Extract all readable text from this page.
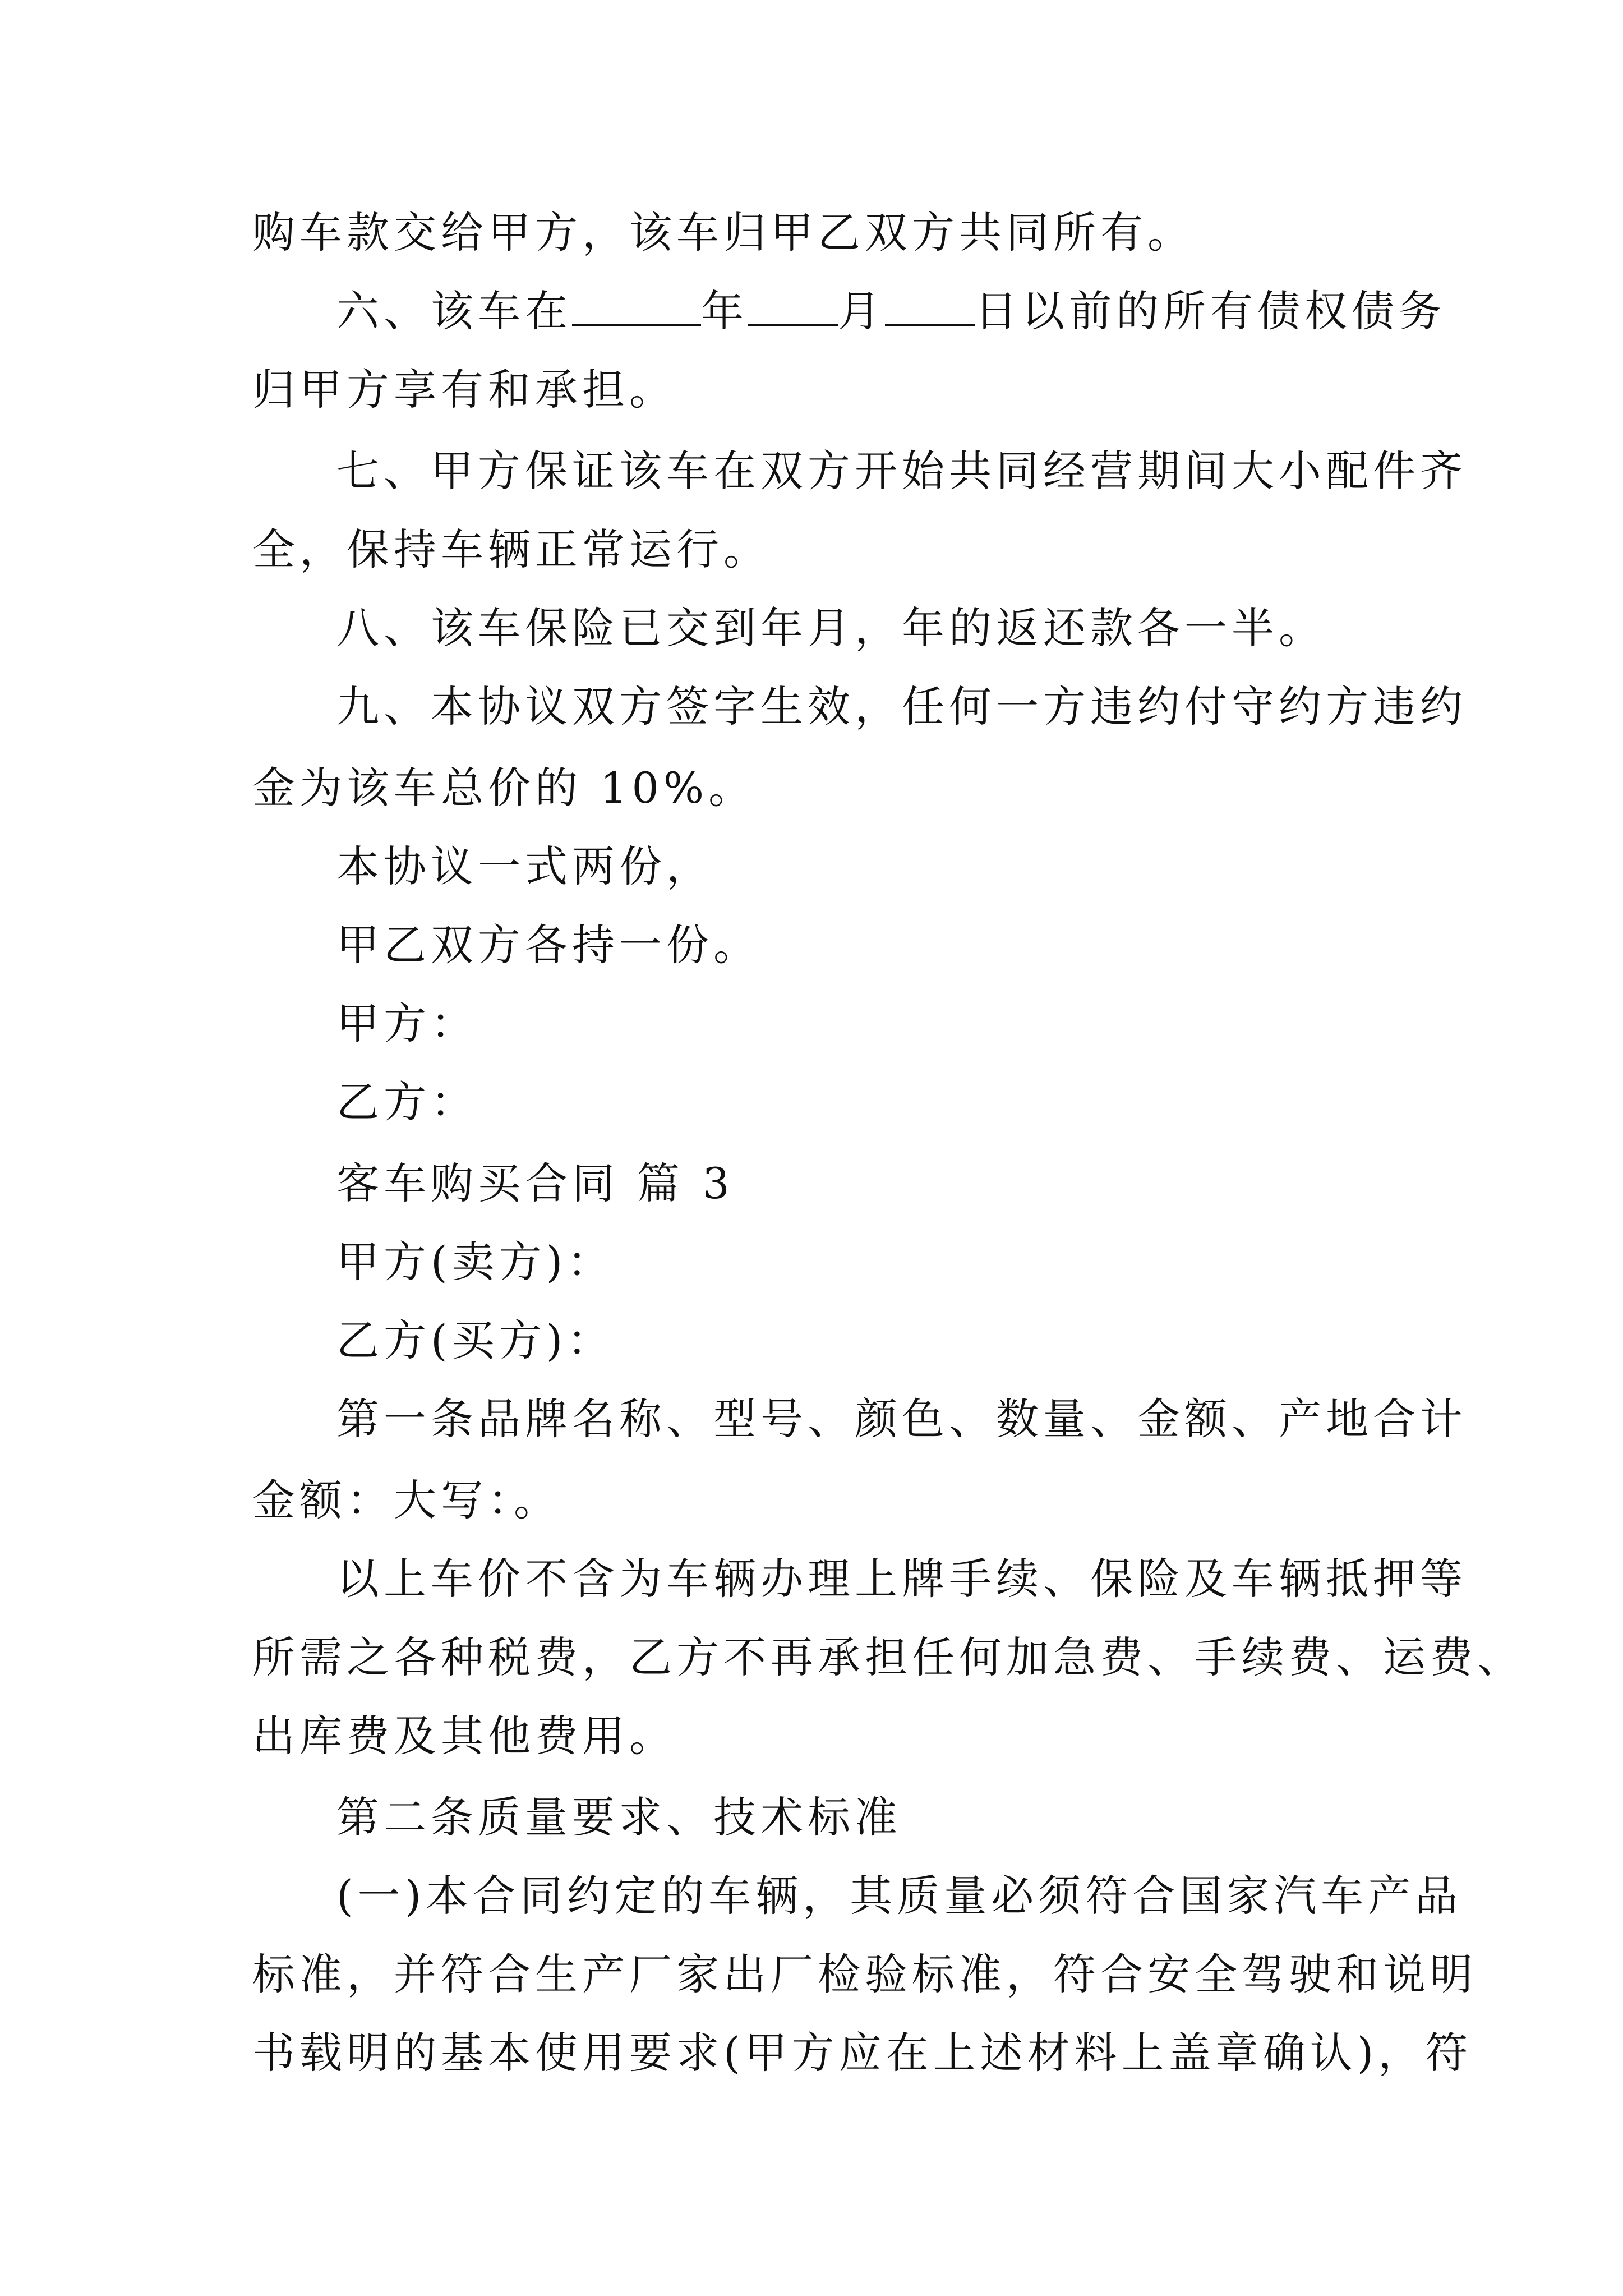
购车款交给甲方，该车归甲乙双方共同所有。
六、该车在	年 月 日以前的所有债权债务
归甲方享有和承担。
七、甲方保证该车在双方开始共同经营期间大小配件齐
全，保持车辆正常运行。
八、该车保险已交到年月，年的返还款各一半。
九、本协议双方签字生效，任何一方违约付守约方违约
金为该车总价的 10%。
本协议一式两份，
甲乙双方各持一份。
甲方：
乙方：
客车购买合同 篇 3
甲方(卖方)：
乙方(买方)：
第一条品牌名称、型号、颜色、数量、金额、产地合计
金额：大写：。
以上车价不含为车辆办理上牌手续、保险及车辆抵押等
所需之各种税费，乙方不再承担任何加急费、手续费、运费、
出库费及其他费用。
第二条质量要求、技术标准
(一)本合同约定的车辆，其质量必须符合国家汽车产品
标准，并符合生产厂家出厂检验标准，符合安全驾驶和说明
书载明的基本使用要求(甲方应在上述材料上盖章确认)，符
